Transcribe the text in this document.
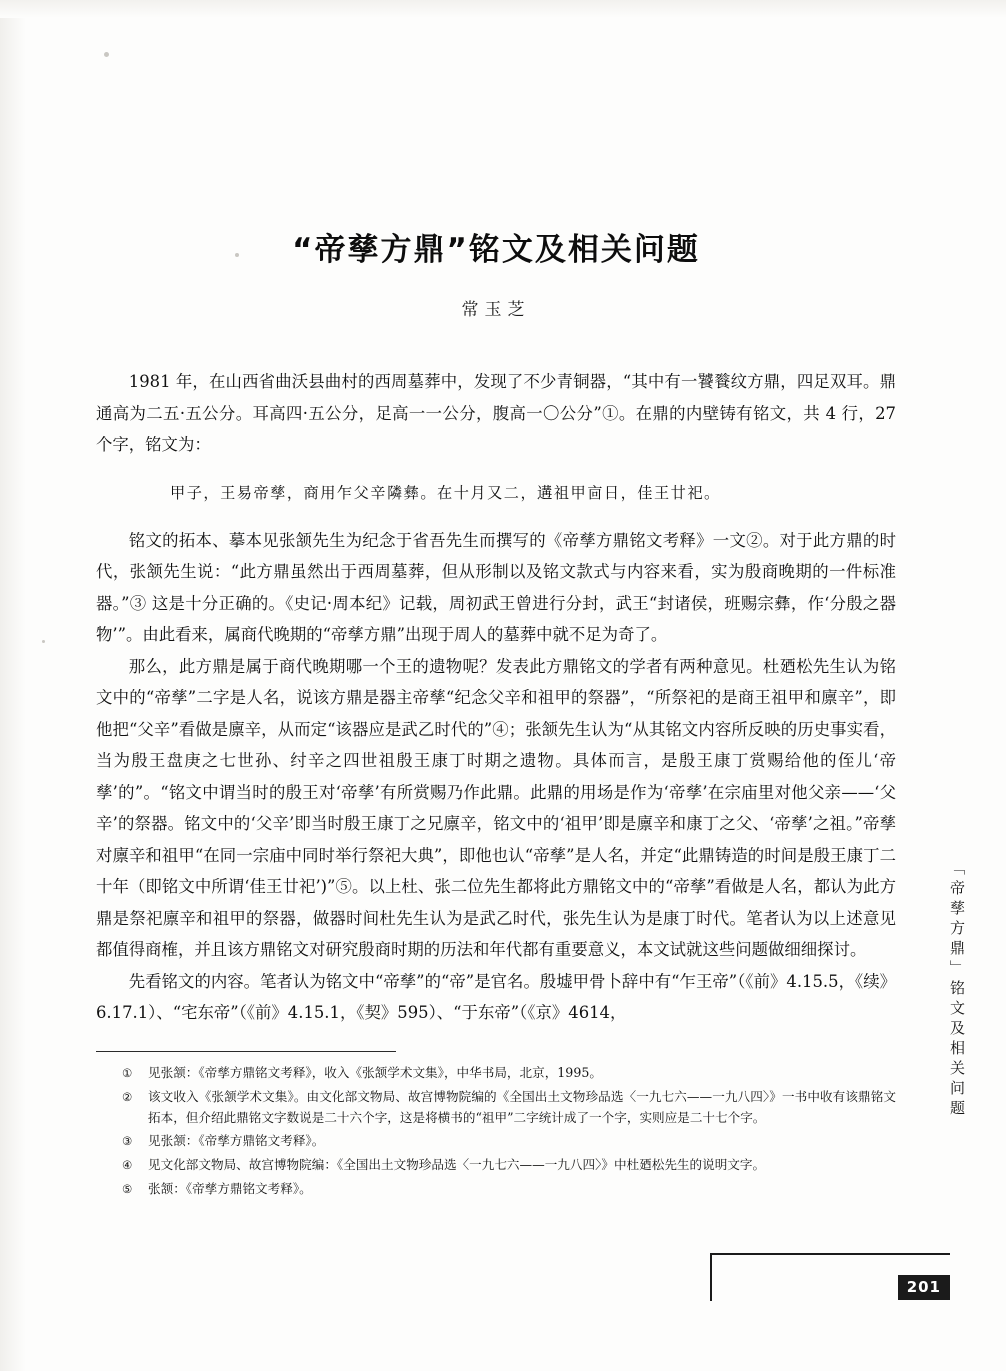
“帝孳方鼎”铭文及相关问题
常玉芝

1981 年，在山西省曲沃县曲村的西周墓葬中，发现了不少青铜器，“其中有一饕餮纹方鼎，四足双耳。鼎通高为二五·五公分。耳高四·五公分，足高一一公分，腹高一〇公分”①。在鼎的内壁铸有铭文，共 4 行，27 个字，铭文为：

甲子，王易帝孳，商用乍父辛隣彝。在十月又二，遘祖甲㐭日，佳王廿祀。

铭文的拓本、摹本见张颔先生为纪念于省吾先生而撰写的《帝孳方鼎铭文考释》一文②。对于此方鼎的时代，张颔先生说：“此方鼎虽然出于西周墓葬，但从形制以及铭文款式与内容来看，实为殷商晚期的一件标准器。”③ 这是十分正确的。《史记·周本纪》记载，周初武王曾进行分封，武王“封诸侯，班赐宗彝，作‘分殷之器物’”。由此看来，属商代晚期的“帝孳方鼎”出现于周人的墓葬中就不足为奇了。

那么，此方鼎是属于商代晚期哪一个王的遗物呢？发表此方鼎铭文的学者有两种意见。杜廼松先生认为铭文中的“帝孳”二字是人名，说该方鼎是器主帝孳“纪念父辛和祖甲的祭器”，“所祭祀的是商王祖甲和廪辛”，即他把“父辛”看做是廪辛，从而定“该器应是武乙时代的”④；张颔先生认为“从其铭文内容所反映的历史事实看，当为殷王盘庚之七世孙、纣辛之四世祖殷王康丁时期之遗物。具体而言，是殷王康丁赏赐给他的侄儿‘帝孳’的”。“铭文中谓当时的殷王对‘帝孳’有所赏赐乃作此鼎。此鼎的用场是作为‘帝孳’在宗庙里对他父亲——‘父辛’的祭器。铭文中的‘父辛’即当时殷王康丁之兄廪辛，铭文中的‘祖甲’即是廪辛和康丁之父、‘帝孳’之祖。”帝孳对廪辛和祖甲“在同一宗庙中同时举行祭祀大典”，即他也认“帝孳”是人名，并定“此鼎铸造的时间是殷王康丁二十年（即铭文中所谓‘佳王廿祀’)”⑤。以上杜、张二位先生都将此方鼎铭文中的“帝孳”看做是人名，都认为此方鼎是祭祀廪辛和祖甲的祭器，做器时间杜先生认为是武乙时代，张先生认为是康丁时代。笔者认为以上述意见都值得商榷，并且该方鼎铭文对研究殷商时期的历法和年代都有重要意义，本文试就这些问题做细细探讨。

先看铭文的内容。笔者认为铭文中“帝孳”的“帝”是官名。殷墟甲骨卜辞中有“乍王帝”（《前》4.15.5，《续》6.17.1）、“宅东帝”（《前》4.15.1，《契》595）、“于东帝”（《京》4614，

①	见张颔：《帝孳方鼎铭文考释》，收入《张颔学术文集》，中华书局，北京，1995。
②	该文收入《张颔学术文集》。由文化部文物局、故宫博物院编的《全国出土文物珍品选〈一九七六——一九八四〉》一书中收有该鼎铭文拓本，但介绍此鼎铭文字数说是二十六个字，这是将横书的“祖甲”二字统计成了一个字，实则应是二十七个字。
③	见张颔：《帝孳方鼎铭文考释》。
④	见文化部文物局、故宫博物院编：《全国出土文物珍品选〈一九七六——一九八四〉》中杜廼松先生的说明文字。
⑤	张颔：《帝孳方鼎铭文考释》。
「帝孳方鼎」铭文及相关问题
201
